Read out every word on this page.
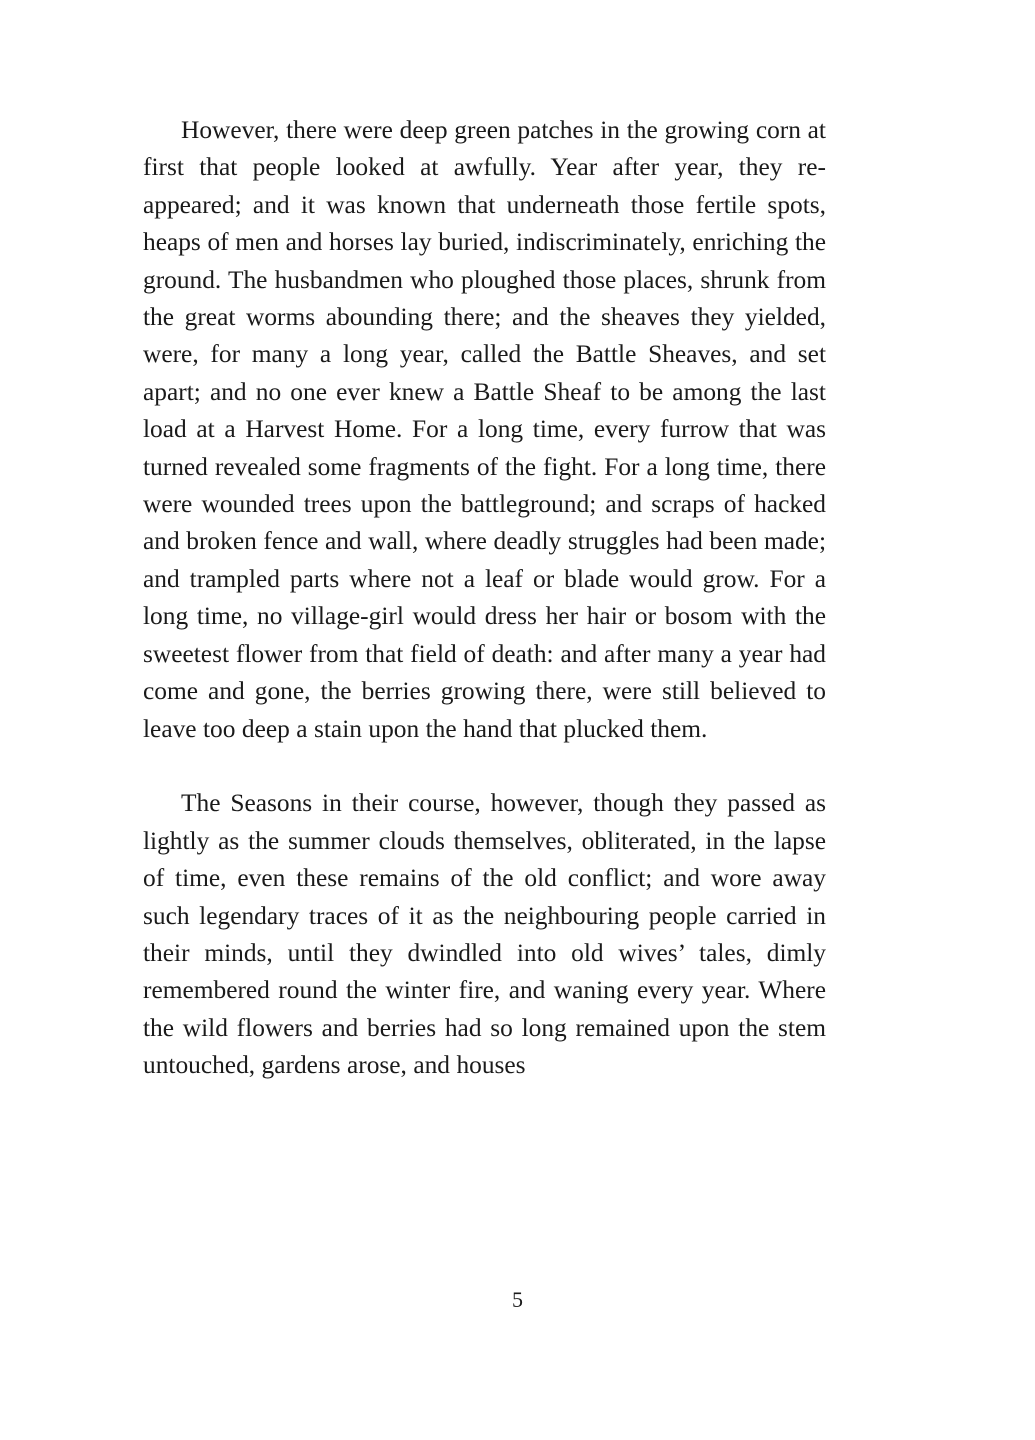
However, there were deep green patches in the growing corn at first that people looked at awfully. Year after year, they re-appeared; and it was known that underneath those fertile spots, heaps of men and horses lay buried, indiscriminately, enriching the ground. The husbandmen who ploughed those places, shrunk from the great worms abounding there; and the sheaves they yielded, were, for many a long year, called the Battle Sheaves, and set apart; and no one ever knew a Battle Sheaf to be among the last load at a Harvest Home. For a long time, every furrow that was turned revealed some fragments of the fight. For a long time, there were wounded trees upon the battleground; and scraps of hacked and broken fence and wall, where deadly struggles had been made; and trampled parts where not a leaf or blade would grow. For a long time, no village-girl would dress her hair or bosom with the sweetest flower from that field of death: and after many a year had come and gone, the berries growing there, were still believed to leave too deep a stain upon the hand that plucked them.

The Seasons in their course, however, though they passed as lightly as the summer clouds themselves, obliterated, in the lapse of time, even these remains of the old conflict; and wore away such legendary traces of it as the neighbouring people carried in their minds, until they dwindled into old wives’ tales, dimly remembered round the winter fire, and waning every year. Where the wild flowers and berries had so long remained upon the stem untouched, gardens arose, and houses

5
